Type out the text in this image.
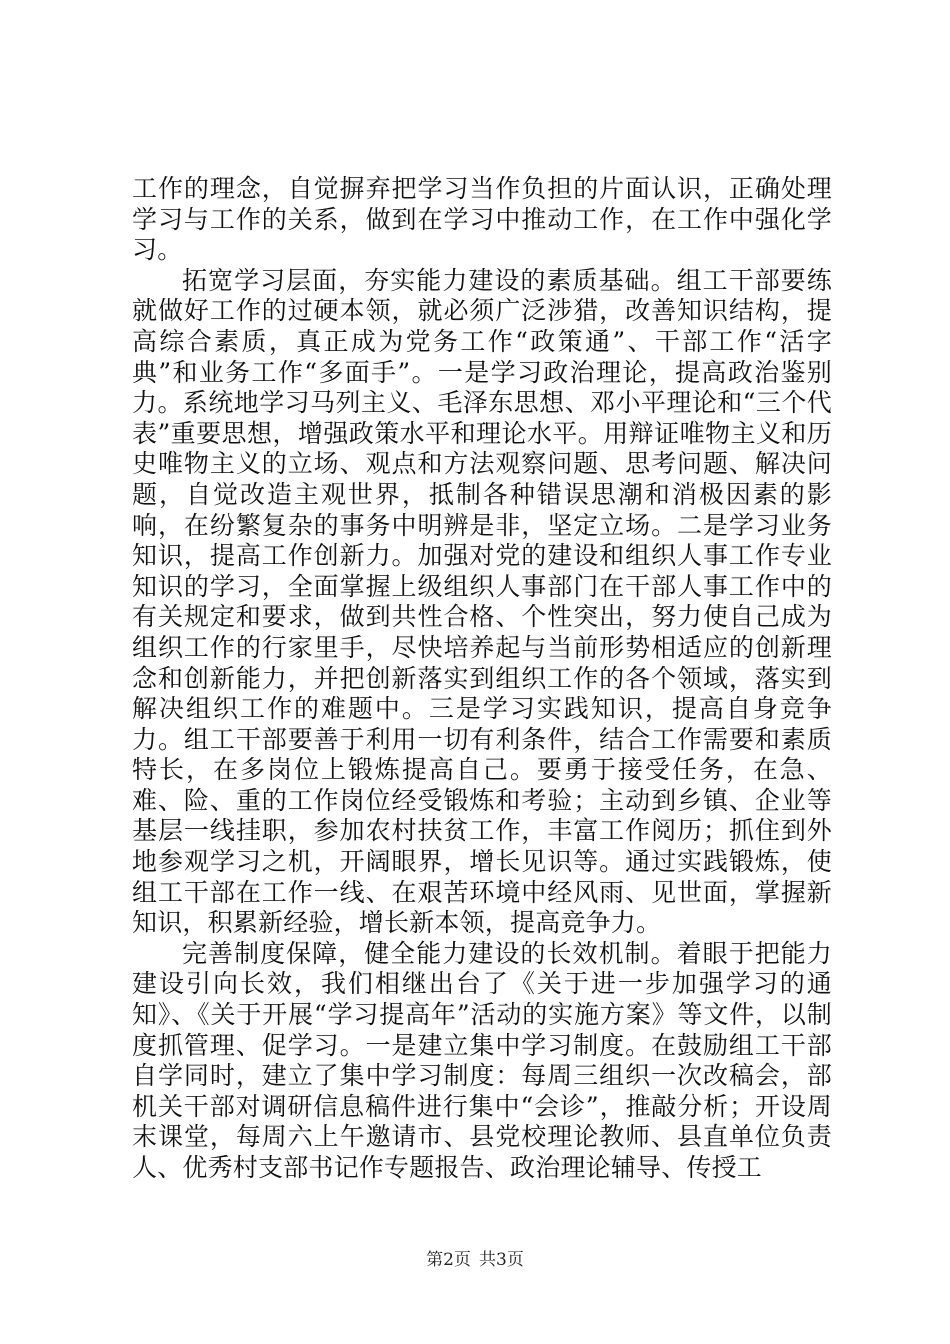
工作的理念，自觉摒弃把学习当作负担的片面认识，正确处理学习与工作的关系，做到在学习中推动工作，在工作中强化学习。

拓宽学习层面，夯实能力建设的素质基础。组工干部要练就做好工作的过硬本领，就必须广泛涉猎，改善知识结构，提高综合素质，真正成为党务工作“政策通”、干部工作“活字典”和业务工作“多面手”。一是学习政治理论，提高政治鉴别力。系统地学习马列主义、毛泽东思想、邓小平理论和“三个代表”重要思想，增强政策水平和理论水平。用辩证唯物主义和历史唯物主义的立场、观点和方法观察问题、思考问题、解决问题，自觉改造主观世界，抵制各种错误思潮和消极因素的影响，在纷繁复杂的事务中明辨是非，坚定立场。二是学习业务知识，提高工作创新力。加强对党的建设和组织人事工作专业知识的学习，全面掌握上级组织人事部门在干部人事工作中的有关规定和要求，做到共性合格、个性突出，努力使自己成为组织工作的行家里手，尽快培养起与当前形势相适应的创新理念和创新能力，并把创新落实到组织工作的各个领域，落实到解决组织工作的难题中。三是学习实践知识，提高自身竞争力。组工干部要善于利用一切有利条件，结合工作需要和素质特长，在多岗位上锻炼提高自己。要勇于接受任务，在急、难、险、重的工作岗位经受锻炼和考验；主动到乡镇、企业等基层一线挂职，参加农村扶贫工作，丰富工作阅历；抓住到外地参观学习之机，开阔眼界，增长见识等。通过实践锻炼，使组工干部在工作一线、在艰苦环境中经风雨、见世面，掌握新知识，积累新经验，增长新本领，提高竞争力。

完善制度保障，健全能力建设的长效机制。着眼于把能力建设引向长效，我们相继出台了《关于进一步加强学习的通知》、《关于开展“学习提高年”活动的实施方案》等文件，以制度抓管理、促学习。一是建立集中学习制度。在鼓励组工干部自学同时，建立了集中学习制度：每周三组织一次改稿会，部机关干部对调研信息稿件进行集中“会诊”，推敲分析；开设周末课堂，每周六上午邀请市、县党校理论教师、县直单位负责人、优秀村支部书记作专题报告、政治理论辅导、传授工

第2页 共3页
